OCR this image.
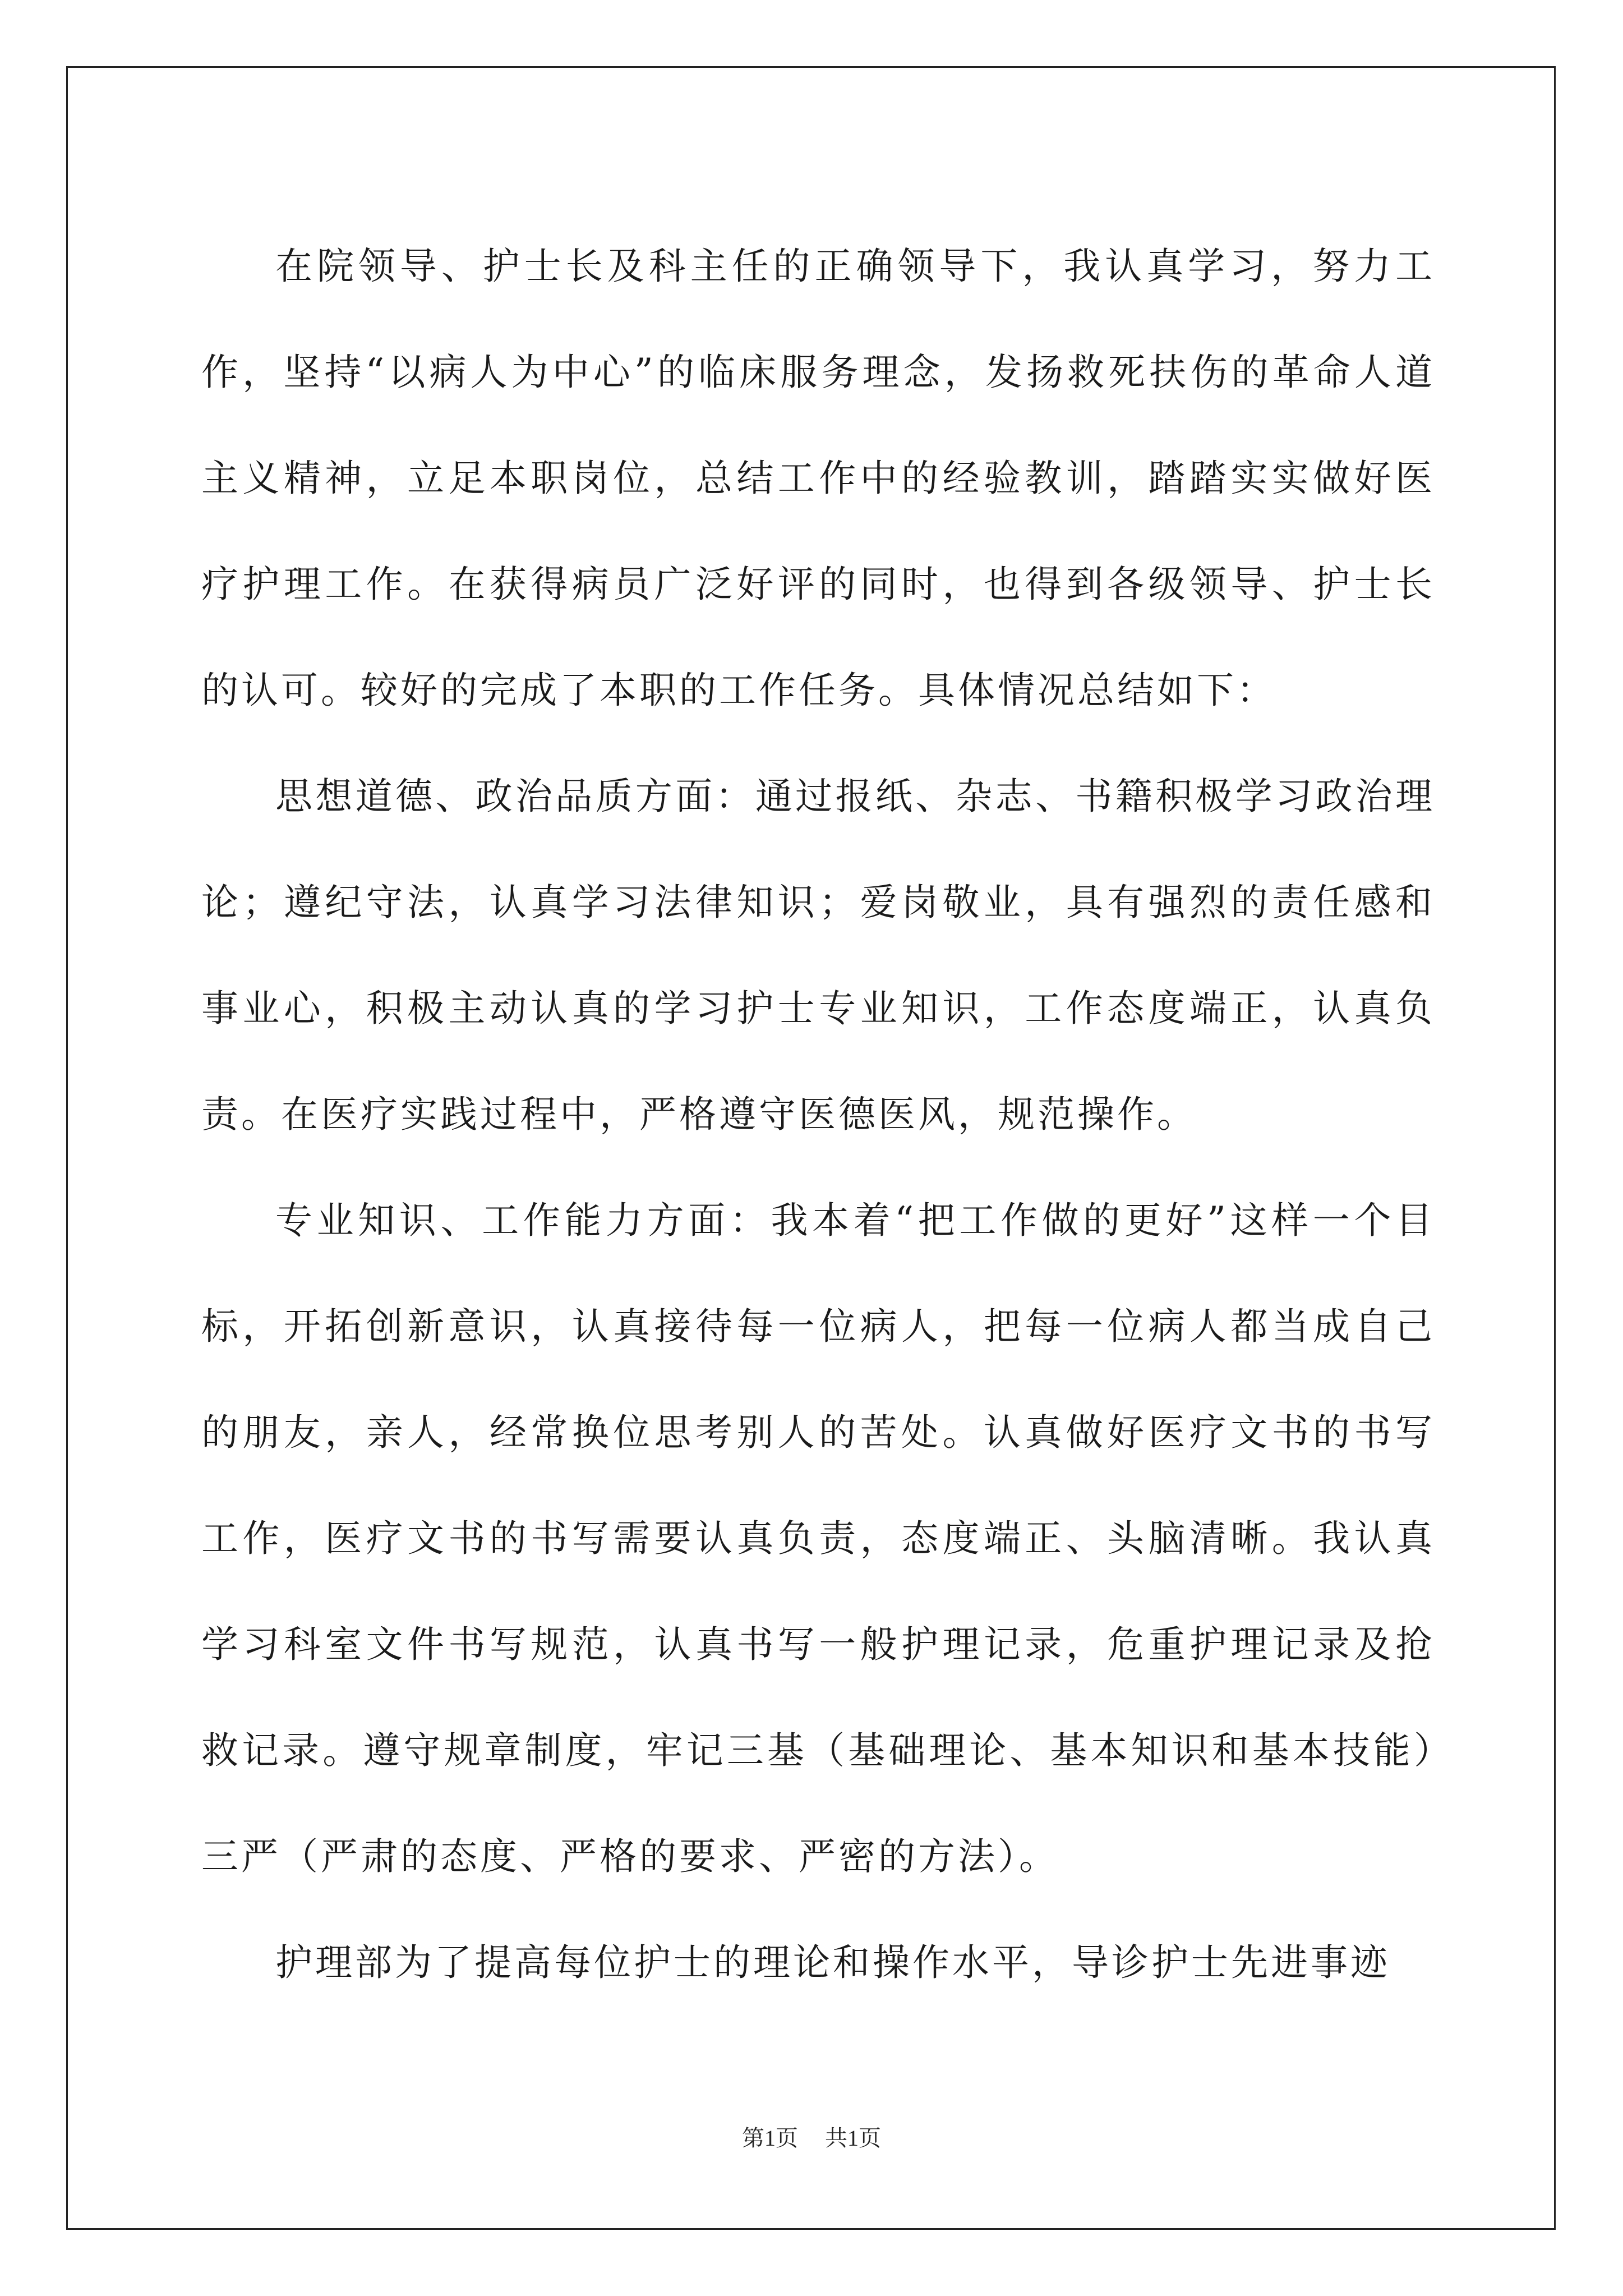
在院领导、护士长及科主任的正确领导下，我认真学习，努力工作，坚持“以病人为中心”的临床服务理念，发扬救死扶伤的革命人道主义精神，立足本职岗位，总结工作中的经验教训，踏踏实实做好医疗护理工作。在获得病员广泛好评的同时，也得到各级领导、护士长的认可。较好的完成了本职的工作任务。具体情况总结如下：

思想道德、政治品质方面：通过报纸、杂志、书籍积极学习政治理论；遵纪守法，认真学习法律知识；爱岗敬业，具有强烈的责任感和事业心，积极主动认真的学习护士专业知识，工作态度端正，认真负责。在医疗实践过程中，严格遵守医德医风，规范操作。

专业知识、工作能力方面：我本着“把工作做的更好”这样一个目标，开拓创新意识，认真接待每一位病人，把每一位病人都当成自己的朋友，亲人，经常换位思考别人的苦处。认真做好医疗文书的书写工作，医疗文书的书写需要认真负责，态度端正、头脑清晰。我认真学习科室文件书写规范，认真书写一般护理记录，危重护理记录及抢救记录。遵守规章制度，牢记三基（基础理论、基本知识和基本技能）三严（严肃的态度、严格的要求、严密的方法）。

护理部为了提高每位护士的理论和操作水平，导诊护士先进事迹

第1页 共1页
